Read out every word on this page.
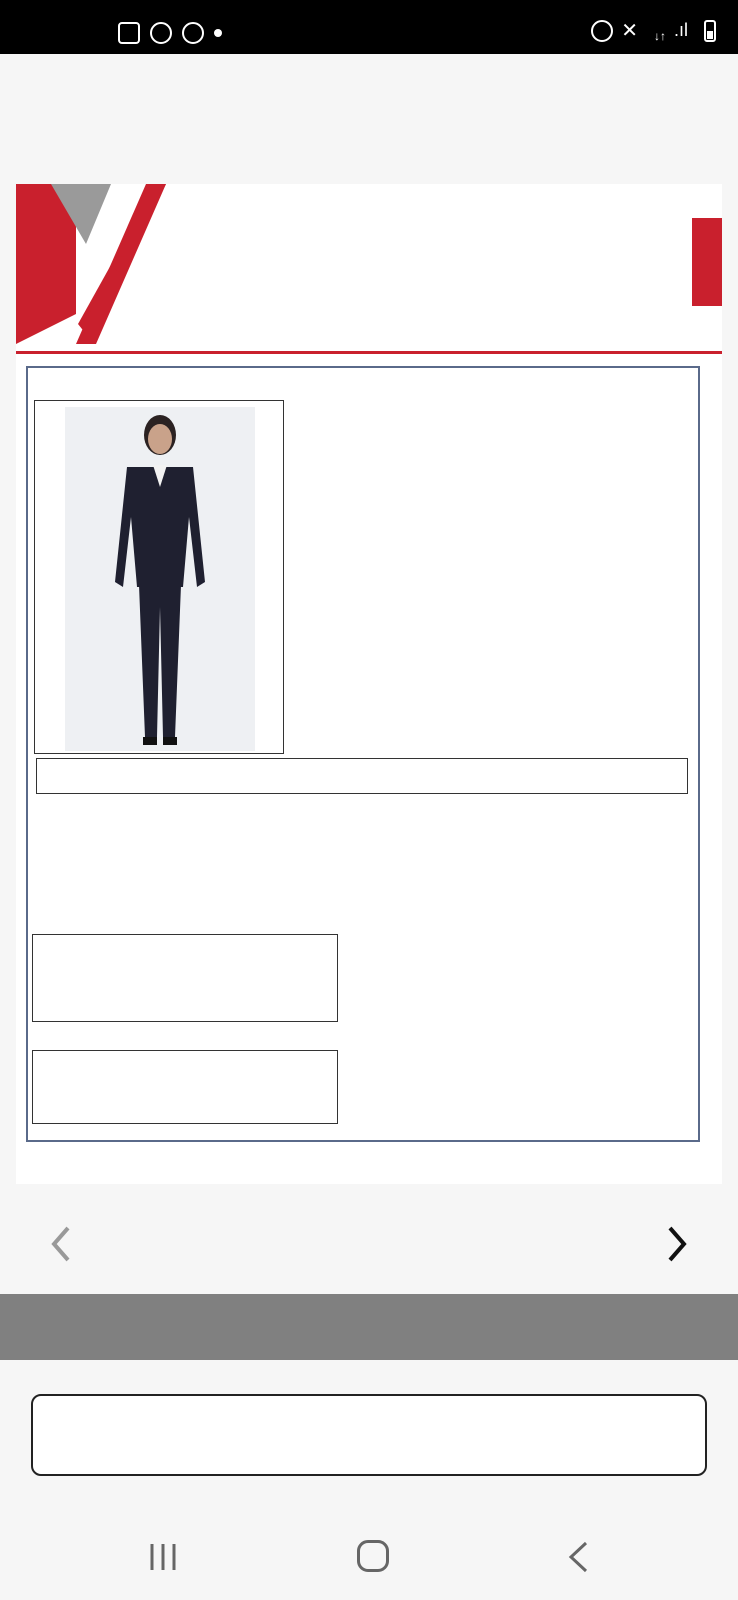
✕ ↓↑ .ıl
